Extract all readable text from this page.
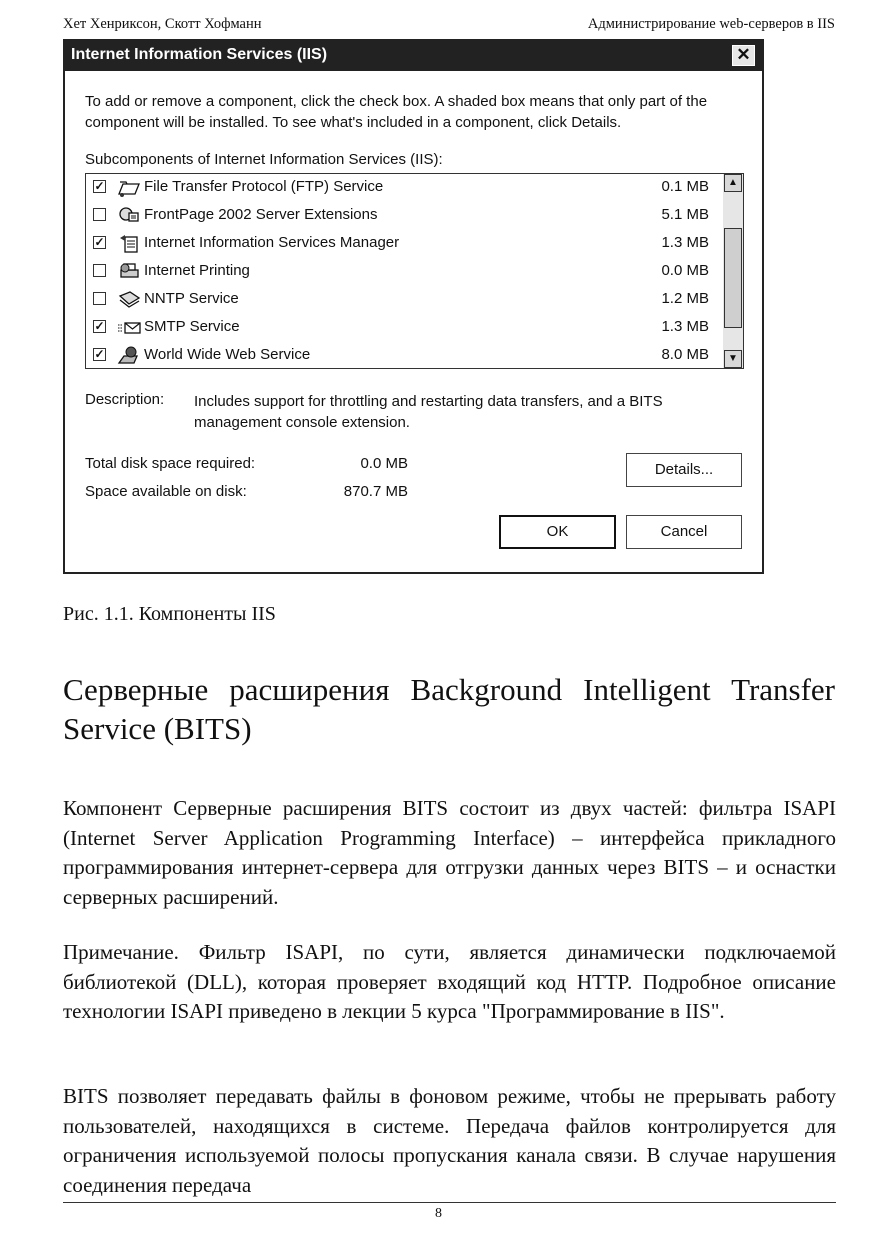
Хет Хенриксон, Скотт Хофманн	Администрирование web-серверов в IIS
Internet Information Services (IIS)	✕
To add or remove a component, click the check box. A shaded box means that only part of the component will be installed. To see what's included in a component, click Details.
Subcomponents of Internet Information Services (IIS):
✓	File Transfer Protocol (FTP) Service	0.1 MB
FrontPage 2002 Server Extensions	5.1 MB
✓	Internet Information Services Manager	1.3 MB
Internet Printing	0.0 MB
NNTP Service	1.2 MB
✓	SMTP Service	1.3 MB
✓	World Wide Web Service	8.0 MB
▲
▼
Description: Includes support for throttling and restarting data transfers, and a BITS management console extension.
Total disk space required:	0.0 MB
Space available on disk:	870.7 MB
Details...
OK	Cancel
Рис. 1.1. Компоненты IIS
Серверные расширения Background Intelligent Transfer Service (BITS)
Компонент Серверные расширения BITS состоит из двух частей: фильтра ISAPI (Internet Server Application Programming Interface) – интерфейса прикладного программирования интернет-сервера для отгрузки данных через BITS – и оснастки серверных расширений.
Примечание. Фильтр ISAPI, по сути, является динамически подключаемой библиотекой (DLL), которая проверяет входящий код HTTP. Подробное описание технологии ISAPI приведено в лекции 5 курса "Программирование в IIS".
BITS позволяет передавать файлы в фоновом режиме, чтобы не прерывать работу пользователей, находящихся в системе. Передача файлов контролируется для ограничения используемой полосы пропускания канала связи. В случае нарушения соединения передача
8
